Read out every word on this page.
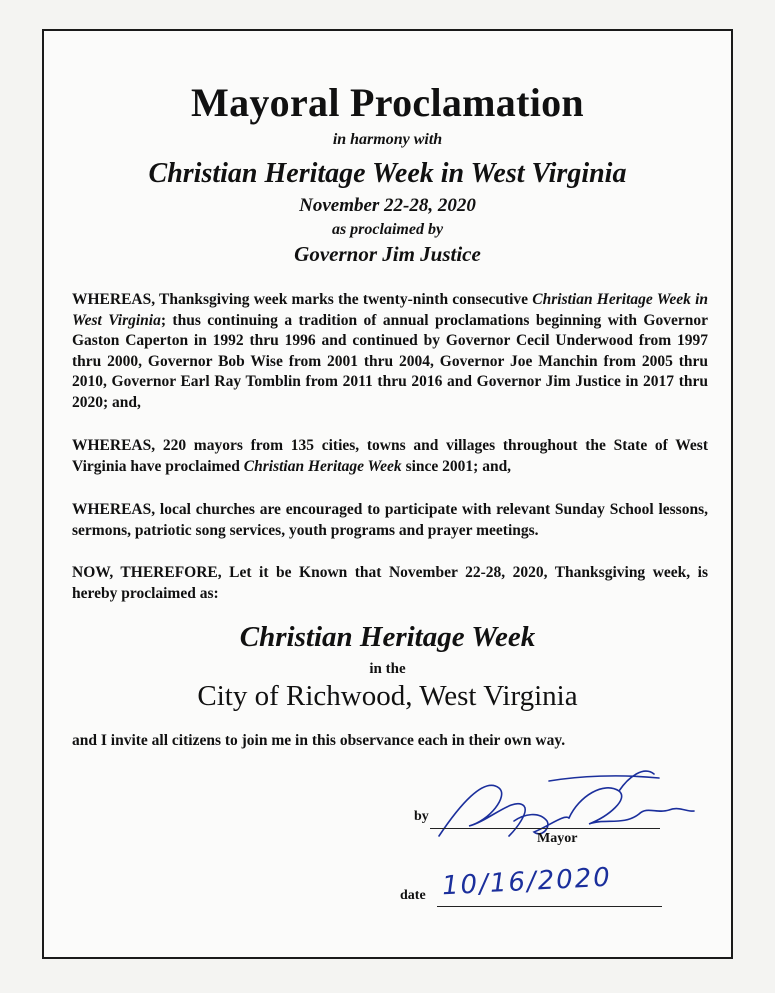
Mayoral Proclamation
in harmony with
Christian Heritage Week in West Virginia
November 22-28, 2020
as proclaimed by
Governor Jim Justice
WHEREAS, Thanksgiving week marks the twenty-ninth consecutive Christian Heritage Week in West Virginia; thus continuing a tradition of annual proclamations beginning with Governor Gaston Caperton in 1992 thru 1996 and continued by Governor Cecil Underwood from 1997 thru 2000, Governor Bob Wise from 2001 thru 2004, Governor Joe Manchin from 2005 thru 2010, Governor Earl Ray Tomblin from 2011 thru 2016 and Governor Jim Justice in 2017 thru 2020; and,
WHEREAS, 220 mayors from 135 cities, towns and villages throughout the State of West Virginia have proclaimed Christian Heritage Week since 2001; and,
WHEREAS, local churches are encouraged to participate with relevant Sunday School lessons, sermons, patriotic song services, youth programs and prayer meetings.
NOW, THEREFORE, Let it be Known that November 22-28, 2020, Thanksgiving week, is hereby proclaimed as:
Christian Heritage Week
in the
City of Richwood, West Virginia
and I invite all citizens to join me in this observance each in their own way.
by
Mayor
10/16/2020
date
